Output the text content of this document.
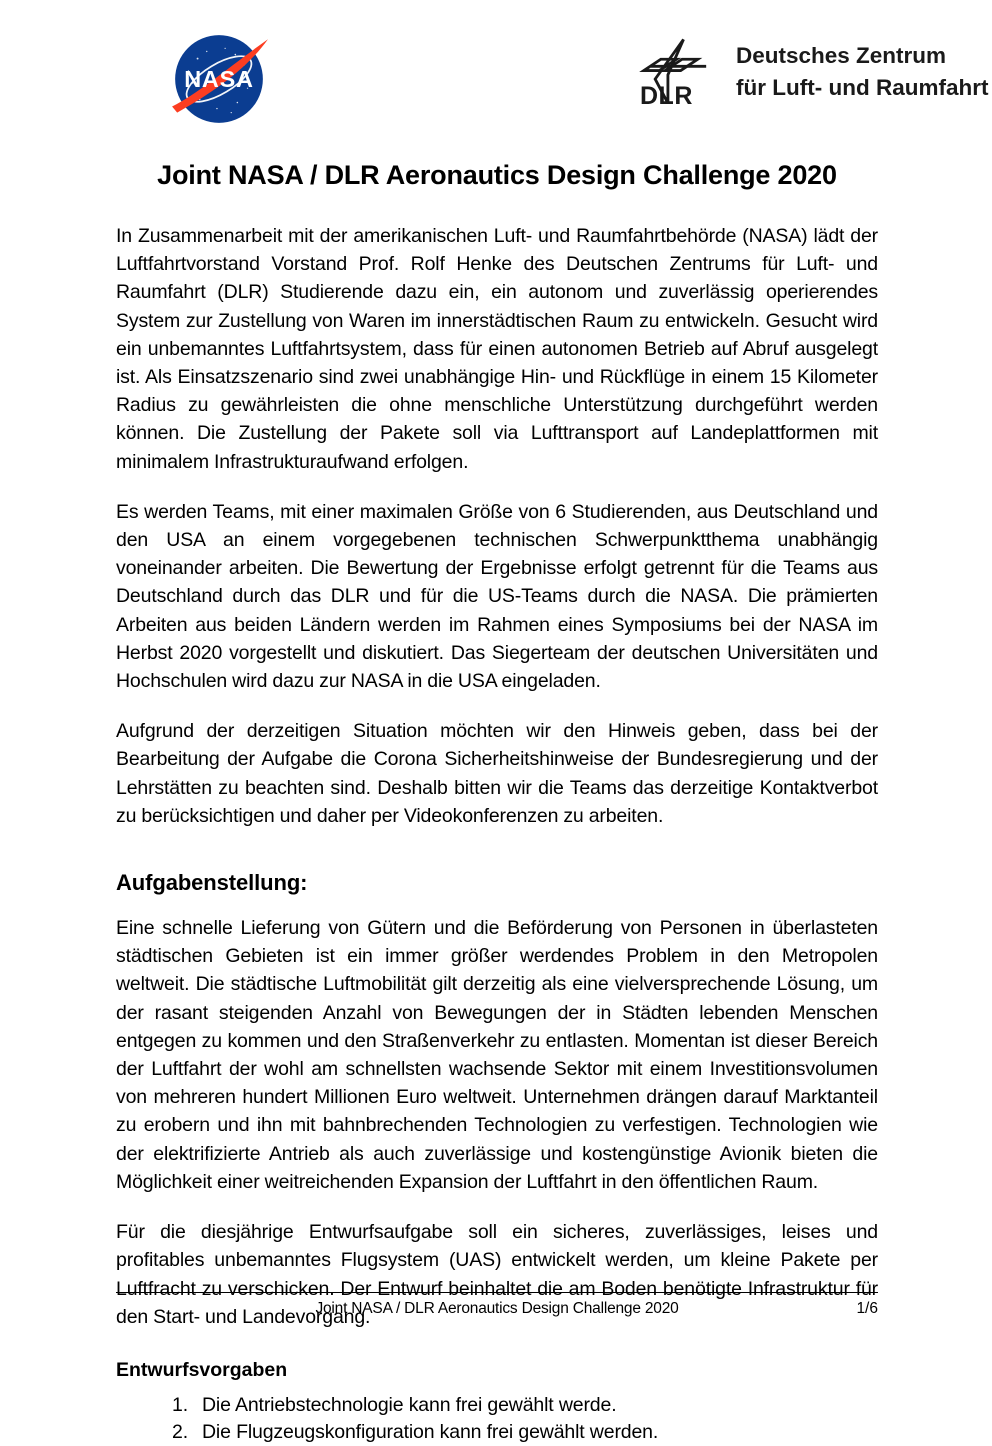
NASA
DLR
Deutsches Zentrum
für Luft- und Raumfahrt
Joint NASA / DLR Aeronautics Design Challenge 2020

In Zusammenarbeit mit der amerikanischen Luft- und Raumfahrtbehörde (NASA) lädt der Luftfahrtvorstand Vorstand Prof. Rolf Henke des Deutschen Zentrums für Luft- und Raumfahrt (DLR) Studierende dazu ein, ein autonom und zuverlässig operierendes System zur Zustellung von Waren im innerstädtischen Raum zu entwickeln. Gesucht wird ein unbemanntes Luftfahrtsystem, dass für einen autonomen Betrieb auf Abruf ausgelegt ist. Als Einsatzszenario sind zwei unabhängige Hin- und Rückflüge in einem 15 Kilometer Radius zu gewährleisten die ohne menschliche Unterstützung durchgeführt werden können. Die Zustellung der Pakete soll via Lufttransport auf Landeplattformen mit minimalem Infrastrukturaufwand erfolgen.

Es werden Teams, mit einer maximalen Größe von 6 Studierenden, aus Deutschland und den USA an einem vorgegebenen technischen Schwerpunktthema unabhängig voneinander arbeiten. Die Bewertung der Ergebnisse erfolgt getrennt für die Teams aus Deutschland durch das DLR und für die US-Teams durch die NASA. Die prämierten Arbeiten aus beiden Ländern werden im Rahmen eines Symposiums bei der NASA im Herbst 2020 vorgestellt und diskutiert. Das Siegerteam der deutschen Universitäten und Hochschulen wird dazu zur NASA in die USA eingeladen.

Aufgrund der derzeitigen Situation möchten wir den Hinweis geben, dass bei der Bearbeitung der Aufgabe die Corona Sicherheitshinweise der Bundesregierung und der Lehrstätten zu beachten sind. Deshalb bitten wir die Teams das derzeitige Kontaktverbot zu berücksichtigen und daher per Videokonferenzen zu arbeiten.

Aufgabenstellung:

Eine schnelle Lieferung von Gütern und die Beförderung von Personen in überlasteten städtischen Gebieten ist ein immer größer werdendes Problem in den Metropolen weltweit. Die städtische Luftmobilität gilt derzeitig als eine vielversprechende Lösung, um der rasant steigenden Anzahl von Bewegungen der in Städten lebenden Menschen entgegen zu kommen und den Straßenverkehr zu entlasten. Momentan ist dieser Bereich der Luftfahrt der wohl am schnellsten wachsende Sektor mit einem Investitionsvolumen von mehreren hundert Millionen Euro weltweit. Unternehmen drängen darauf Marktanteil zu erobern und ihn mit bahnbrechenden Technologien zu verfestigen. Technologien wie der elektrifizierte Antrieb als auch zuverlässige und kostengünstige Avionik bieten die Möglichkeit einer weitreichenden Expansion der Luftfahrt in den öffentlichen Raum.

Für die diesjährige Entwurfsaufgabe soll ein sicheres, zuverlässiges, leises und profitables unbemanntes Flugsystem (UAS) entwickelt werden, um kleine Pakete per Luftfracht zu verschicken. Der Entwurf beinhaltet die am Boden benötigte Infrastruktur für den Start- und Landevorgang.

Entwurfsvorgaben
Die Antriebstechnologie kann frei gewählt werde.
Die Flugzeugskonfiguration kann frei gewählt werden.
Joint NASA / DLR Aeronautics Design Challenge 2020	1/6
